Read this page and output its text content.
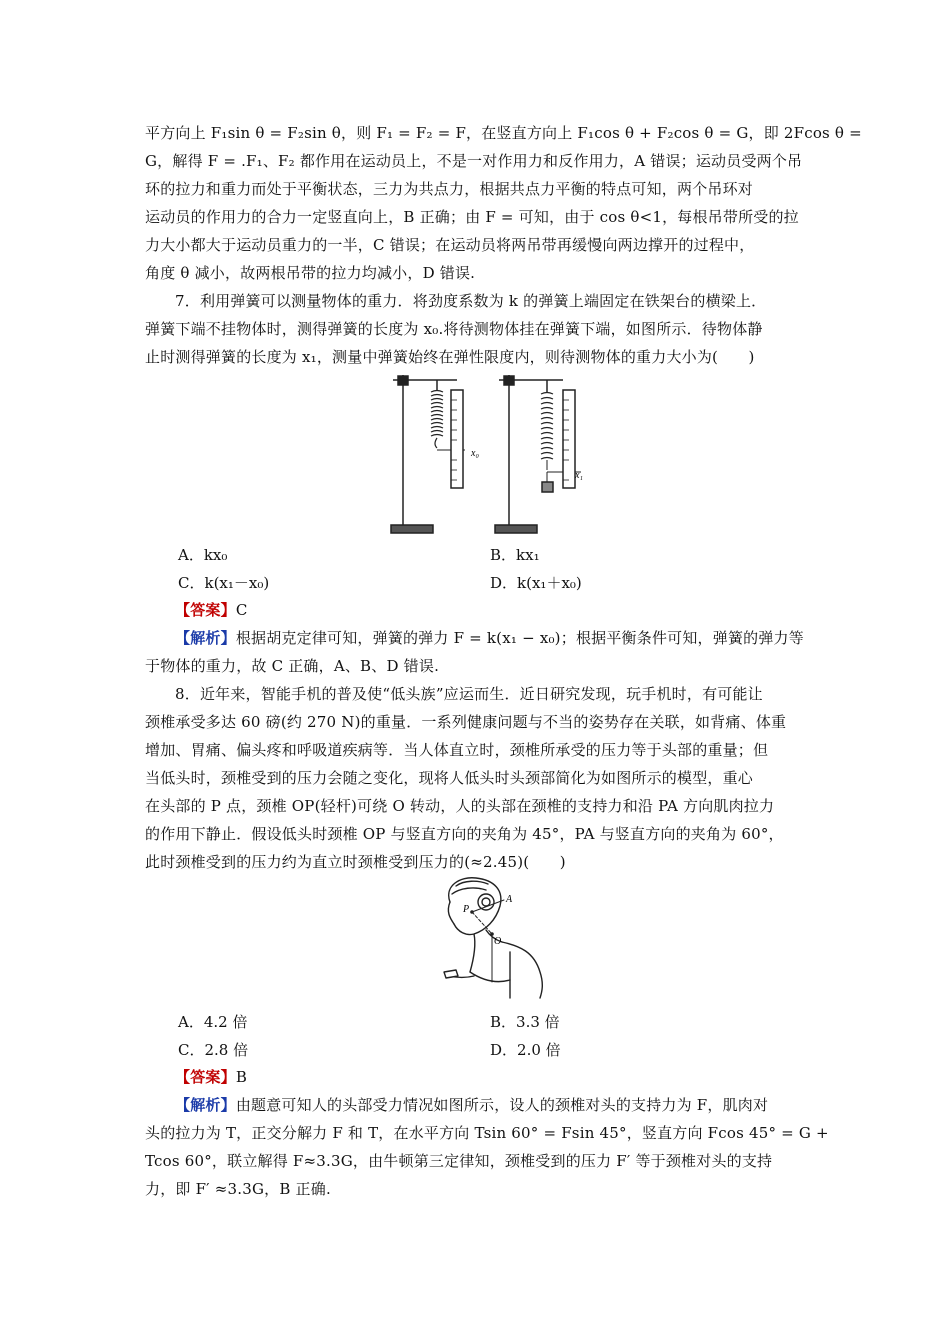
平方向上 F₁sin θ = F₂sin θ，则 F₁ = F₂ = F，在竖直方向上 F₁cos θ + F₂cos θ = G，即 2Fcos θ =
G，解得 F = .F₁、F₂ 都作用在运动员上，不是一对作用力和反作用力，A 错误；运动员受两个吊
环的拉力和重力而处于平衡状态，三力为共点力，根据共点力平衡的特点可知，两个吊环对
运动员的作用力的合力一定竖直向上，B 正确；由 F = 可知，由于 cos θ<1，每根吊带所受的拉
力大小都大于运动员重力的一半，C 错误；在运动员将两吊带再缓慢向两边撑开的过程中，
角度 θ 减小，故两根吊带的拉力均减小，D 错误.
7．利用弹簧可以测量物体的重力．将劲度系数为 k 的弹簧上端固定在铁架台的横梁上．
弹簧下端不挂物体时，测得弹簧的长度为 x₀.将待测物体挂在弹簧下端，如图所示．待物体静
止时测得弹簧的长度为 x₁，测量中弹簧始终在弹性限度内，则待测物体的重力大小为(　　)
x₀
x₁
A．kx₀	B．kx₁
C．k(x₁－x₀)	D．k(x₁＋x₀)
【答案】C
【解析】根据胡克定律可知，弹簧的弹力 F = k(x₁ − x₀)；根据平衡条件可知，弹簧的弹力等
于物体的重力，故 C 正确，A、B、D 错误.
8．近年来，智能手机的普及使“低头族”应运而生．近日研究发现，玩手机时，有可能让
颈椎承受多达 60 磅(约 270 N)的重量．一系列健康问题与不当的姿势存在关联，如背痛、体重
增加、胃痛、偏头疼和呼吸道疾病等．当人体直立时，颈椎所承受的压力等于头部的重量；但
当低头时，颈椎受到的压力会随之变化，现将人低头时头颈部简化为如图所示的模型，重心
在头部的 P 点，颈椎 OP(轻杆)可绕 O 转动，人的头部在颈椎的支持力和沿 PA 方向肌肉拉力
的作用下静止．假设低头时颈椎 OP 与竖直方向的夹角为 45°，PA 与竖直方向的夹角为 60°，
此时颈椎受到的压力约为直立时颈椎受到压力的(≈2.45)(　　)
A
P
O
A．4.2 倍	B．3.3 倍
C．2.8 倍	D．2.0 倍
【答案】B
【解析】由题意可知人的头部受力情况如图所示，设人的颈椎对头的支持力为 F，肌肉对
头的拉力为 T，正交分解力 F 和 T，在水平方向 Tsin 60° = Fsin 45°，竖直方向 Fcos 45° = G +
Tcos 60°，联立解得 F≈3.3G，由牛顿第三定律知，颈椎受到的压力 F′ 等于颈椎对头的支持
力，即 F′ ≈3.3G，B 正确.
